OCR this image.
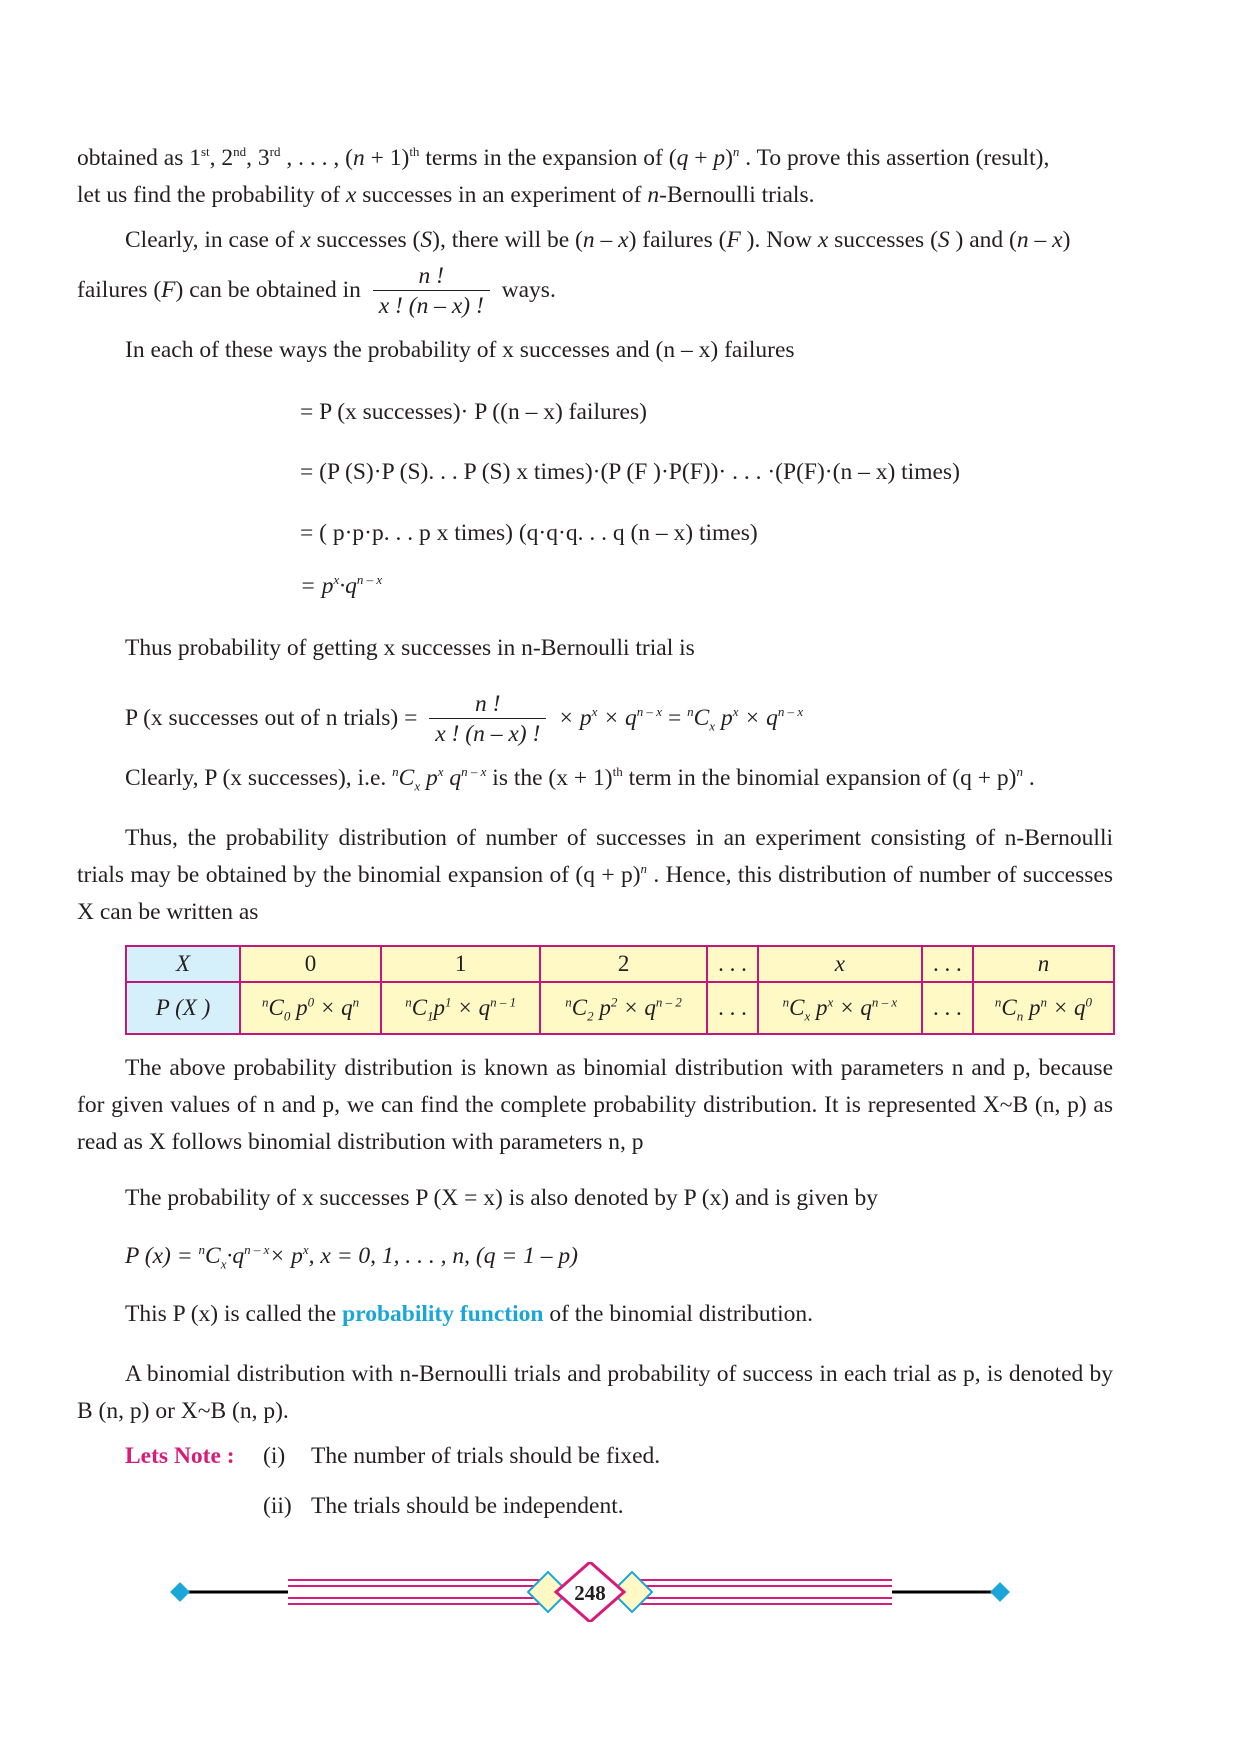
obtained as 1st, 2nd, 3rd , . . . , $(n + 1)^{th}$ terms in the expansion of $(q + p)^n$ . To prove this assertion (result),
let us find the probability of x successes in an experiment of n-Bernoulli trials.

Clearly, in case of x successes (S), there will be (n – x) failures (F ). Now x successes (S ) and (n – x)

failures (F) can be obtained in $\frac{n !}{x ! (n - x) !}$ ways.

In each of these ways the probability of x successes and (n – x) failures

= P (x successes)· P ((n – x) failures)
= (P (S)·P (S). . . P (S) x times)·(P (F )·P(F))· . . . ·(P(F)·(n – x) times)
= ( p·p·p. . . p x times) (q·q·q. . . q (n – x) times)
= $p^x\cdot q^{n - x}$

Thus probability of getting x successes in n-Bernoulli trial is

P (x successes out of n trials) = $\frac{n !}{x ! (n - x) !} \times p^x \times q^{n - x} = ^nC_x$ $p^x \times q^{n - x}$

Clearly, P (x successes), i.e. $^nC_x$ $p^x$ $q^{n - x}$ is the $(x + 1)^{th}$ term in the binomial expansion of $(q + p)^n$ .

Thus, the probability distribution of number of successes in an experiment consisting of n-Bernoulli trials may be obtained by the binomial expansion of $(q + p)^n$ . Hence, this distribution of number of successes X can be written as

X	0	1	2	. . .	x	. . .	n
P (X )	$^nC_0$ $p^0 \times q^n$	$^nC_1p^1 \times q^{n - 1}$	$^nC_2$ $p^2 \times q^{n - 2}$	. . .	$^nC_x$ $p^x \times q^{n - x}$	. . .	$^nC_n$ $p^n \times q^0$

The above probability distribution is known as binomial distribution with parameters n and p, because for given values of n and p, we can find the complete probability distribution. It is represented X~B (n, p) as read as X follows binomial distribution with parameters n, p

The probability of x successes P (X = x) is also denoted by P (x) and is given by

P $(x) = ^nC_x\cdot q^{n - x}\times p^x$, x = 0, 1, . . . , n, (q = 1 – p)

This P (x) is called the probability function of the binomial distribution.

A binomial distribution with n-Bernoulli trials and probability of success in each trial as p, is denoted by B (n, p) or X~B (n, p).

Lets Note : (i) The number of trials should be fixed.
(ii) The trials should be independent.
248
